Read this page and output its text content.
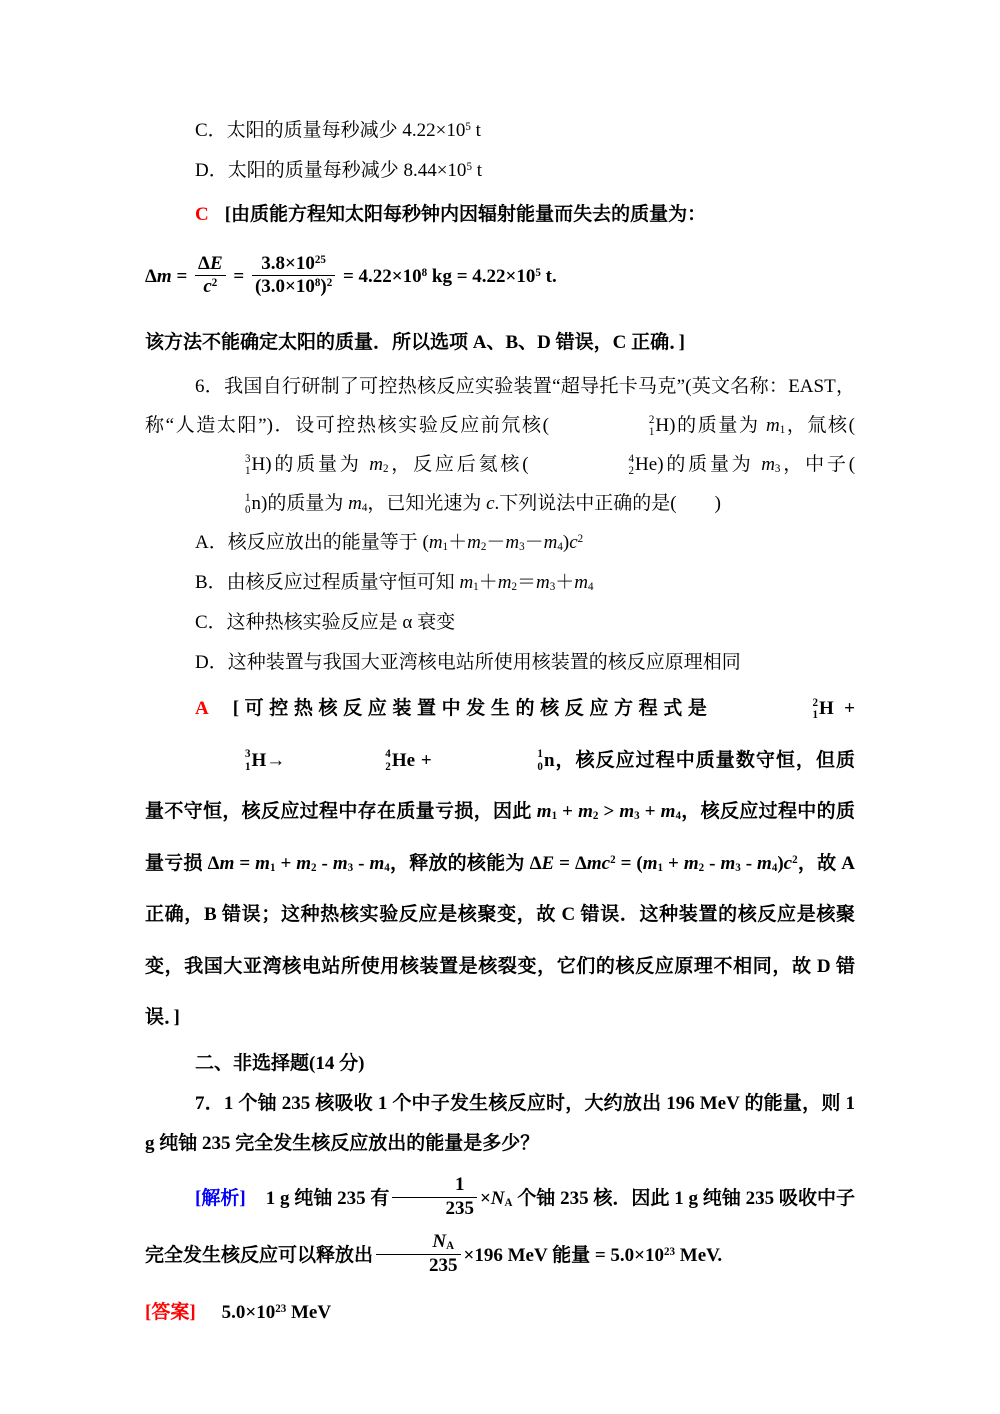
C．太阳的质量每秒减少 $4.22\times 10^5$ t
D．太阳的质量每秒减少 $8.44\times 10^5$ t
C [由质能方程知太阳每秒钟内因辐射能量而失去的质量为：
$\Delta m = \frac{\Delta E}{c^2} = \frac{3.8\times 10^{25}}{(3.0\times 10^8)^2} = 4.22\times 10^8$ kg = $4.22\times 10^5$ t.
该方法不能确定太阳的质量．所以选项 A、B、D 错误，C 正确．]
6．我国自行研制了可控热核反应实验装置“超导托卡马克”(英文名称：EAST，称“人造太阳”)．设可控热核实验反应前氘核(	2
1 H)的质量为 $m_1$，氚核(
3
1 H)的质量为 $m_2$，反应后氦核(	4
2 He)的质量为 $m_3$，中子(
1
0 n)的质量为 $m_4$，已知光速为 c.下列说法中正确的是(　　)
A．核反应放出的能量等于 $(m_1+m_2-m_3-m_4)c^2$
B．由核反应过程质量守恒可知 $m_1+m_2=m_3+m_4$
C．这种热核实验反应是 α 衰变
D．这种装置与我国大亚湾核电站所使用核装置的核反应原理相同
A [可控热核反应装置中发生的核反应方程式是	2
1 H +
3
1 H→	4
2 He +	1
0 n，核反应过程中质量数守恒，但质量不守恒，核反应过程中存在质量亏损，因此 $m_1 + m_2 > m_3 + m_4$，核反应过程中的质量亏损 $\Delta m = m_1 + m_2 - m_3 - m_4$，释放的核能为 $\Delta E = \Delta mc^2 = (m_1 + m_2 - m_3 - m_4)c^2$，故 A 正确，B 错误；这种热核实验反应是核聚变，故 C 错误．这种装置的核反应是核聚变，我国大亚湾核电站所使用核装置是核裂变，它们的核反应原理不相同，故 D 错误．]
二、非选择题(14 分)
7．1 个铀 235 核吸收 1 个中子发生核反应时，大约放出 196 MeV 的能量，则 1 g 纯铀 235 完全发生核反应放出的能量是多少？
[解析] 1 g 纯铀 235 有 $\frac{1}{235} \times N_A$ 个铀 235 核．因此 1 g 纯铀 235 吸收中子完全发生核反应可以释放出 $\frac{N_A}{235} \times 196$ MeV 能量 = $5.0\times 10^{23}$ MeV.
[答案] $5.0\times 10^{23}$ MeV
